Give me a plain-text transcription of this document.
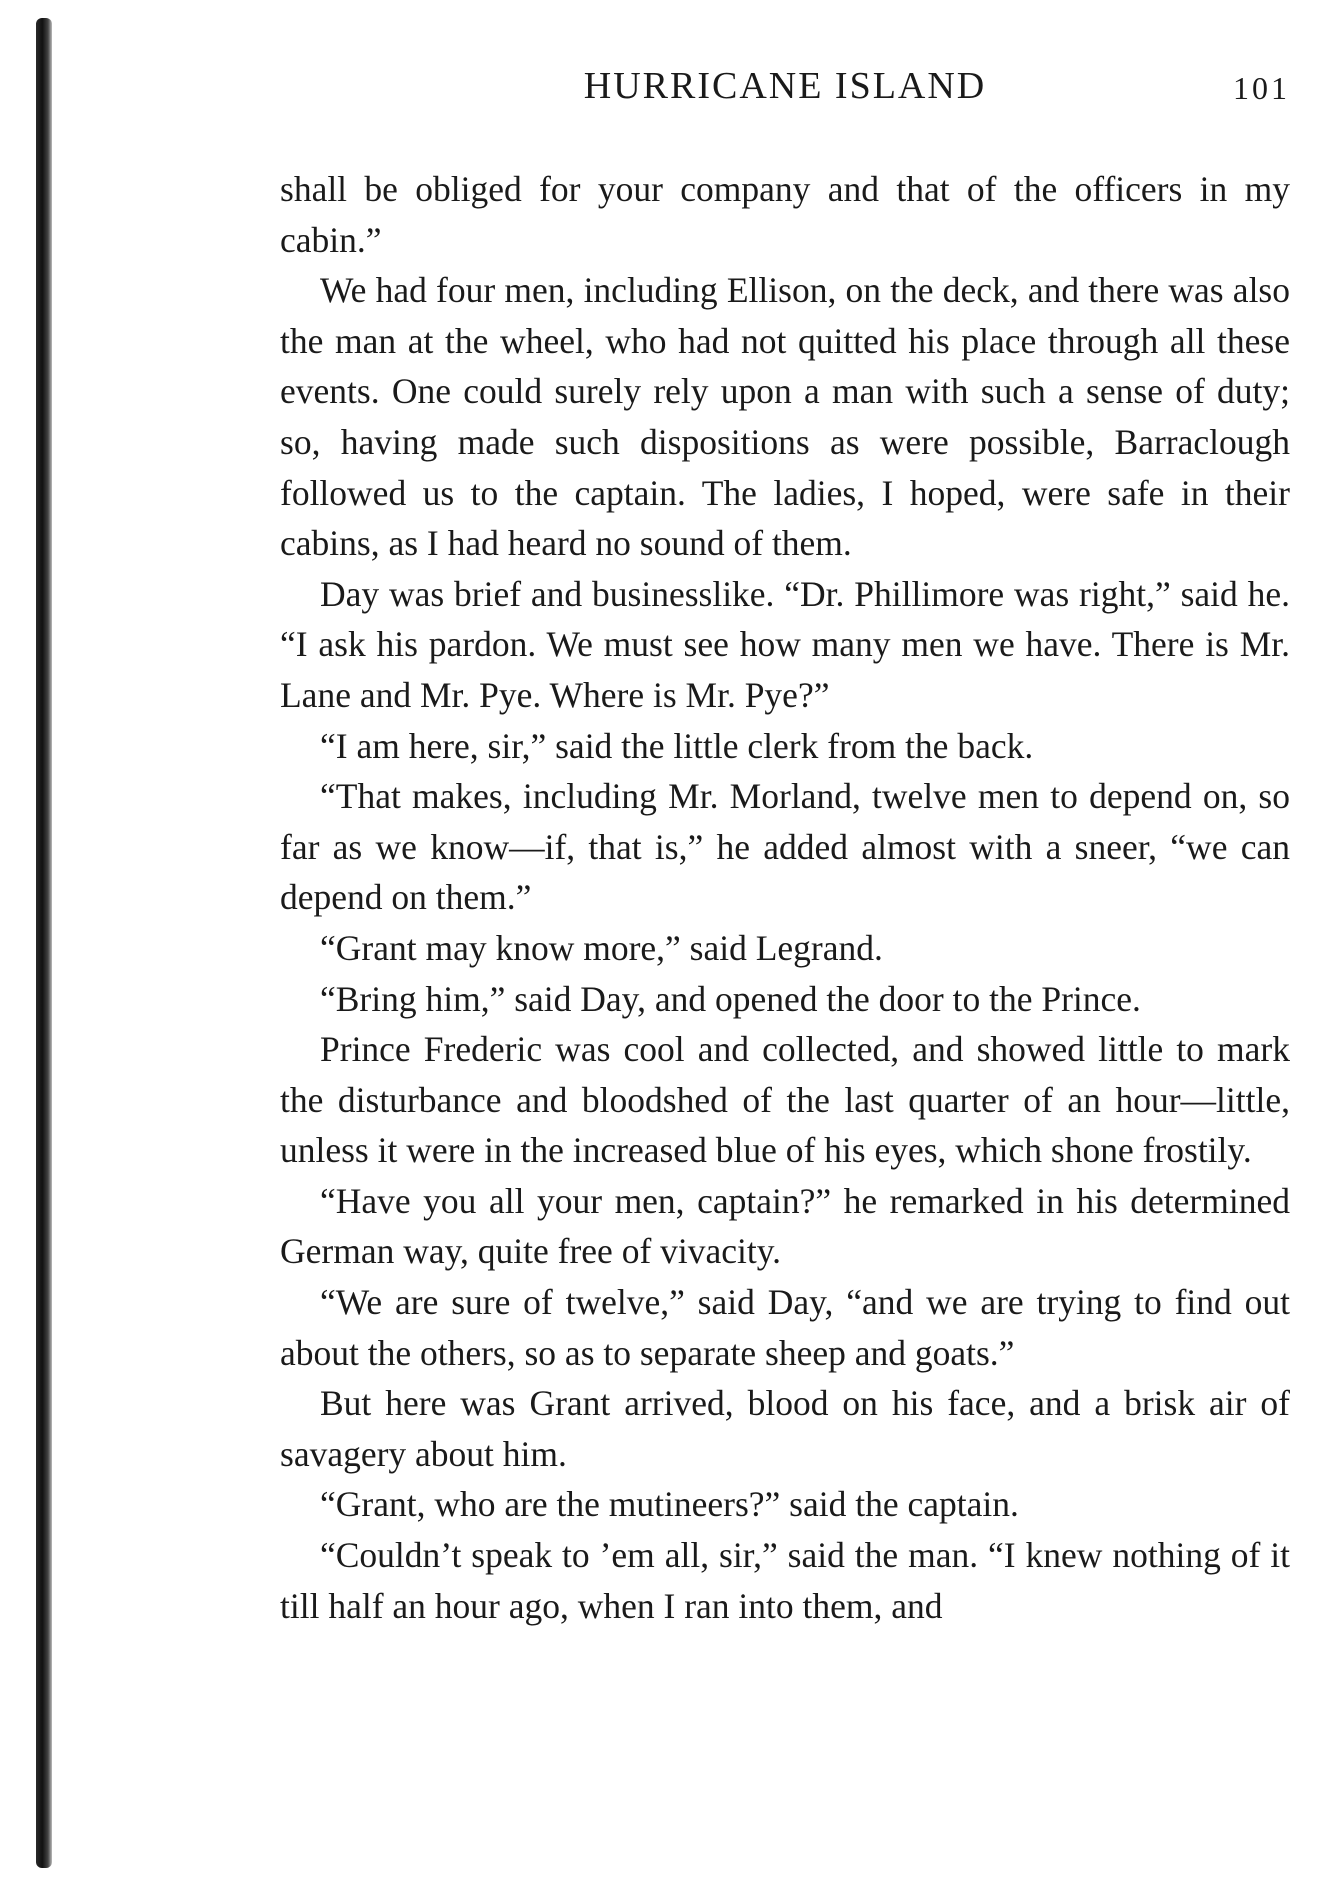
HURRICANE ISLAND	101

shall be obliged for your company and that of the officers in my cabin.”

We had four men, including Ellison, on the deck, and there was also the man at the wheel, who had not quitted his place through all these events. One could surely rely upon a man with such a sense of duty; so, having made such dispositions as were possible, Barraclough followed us to the captain. The ladies, I hoped, were safe in their cabins, as I had heard no sound of them.

Day was brief and businesslike. “Dr. Phillimore was right,” said he. “I ask his pardon. We must see how many men we have. There is Mr. Lane and Mr. Pye. Where is Mr. Pye?”

“I am here, sir,” said the little clerk from the back.

“That makes, including Mr. Morland, twelve men to depend on, so far as we know—if, that is,” he added almost with a sneer, “we can depend on them.”

“Grant may know more,” said Legrand.

“Bring him,” said Day, and opened the door to the Prince.

Prince Frederic was cool and collected, and showed little to mark the disturbance and bloodshed of the last quarter of an hour—little, unless it were in the increased blue of his eyes, which shone frostily.

“Have you all your men, captain?” he remarked in his determined German way, quite free of vivacity.

“We are sure of twelve,” said Day, “and we are trying to find out about the others, so as to separate sheep and goats.”

But here was Grant arrived, blood on his face, and a brisk air of savagery about him.

“Grant, who are the mutineers?” said the captain.

“Couldn’t speak to ’em all, sir,” said the man. “I knew nothing of it till half an hour ago, when I ran into them, and
